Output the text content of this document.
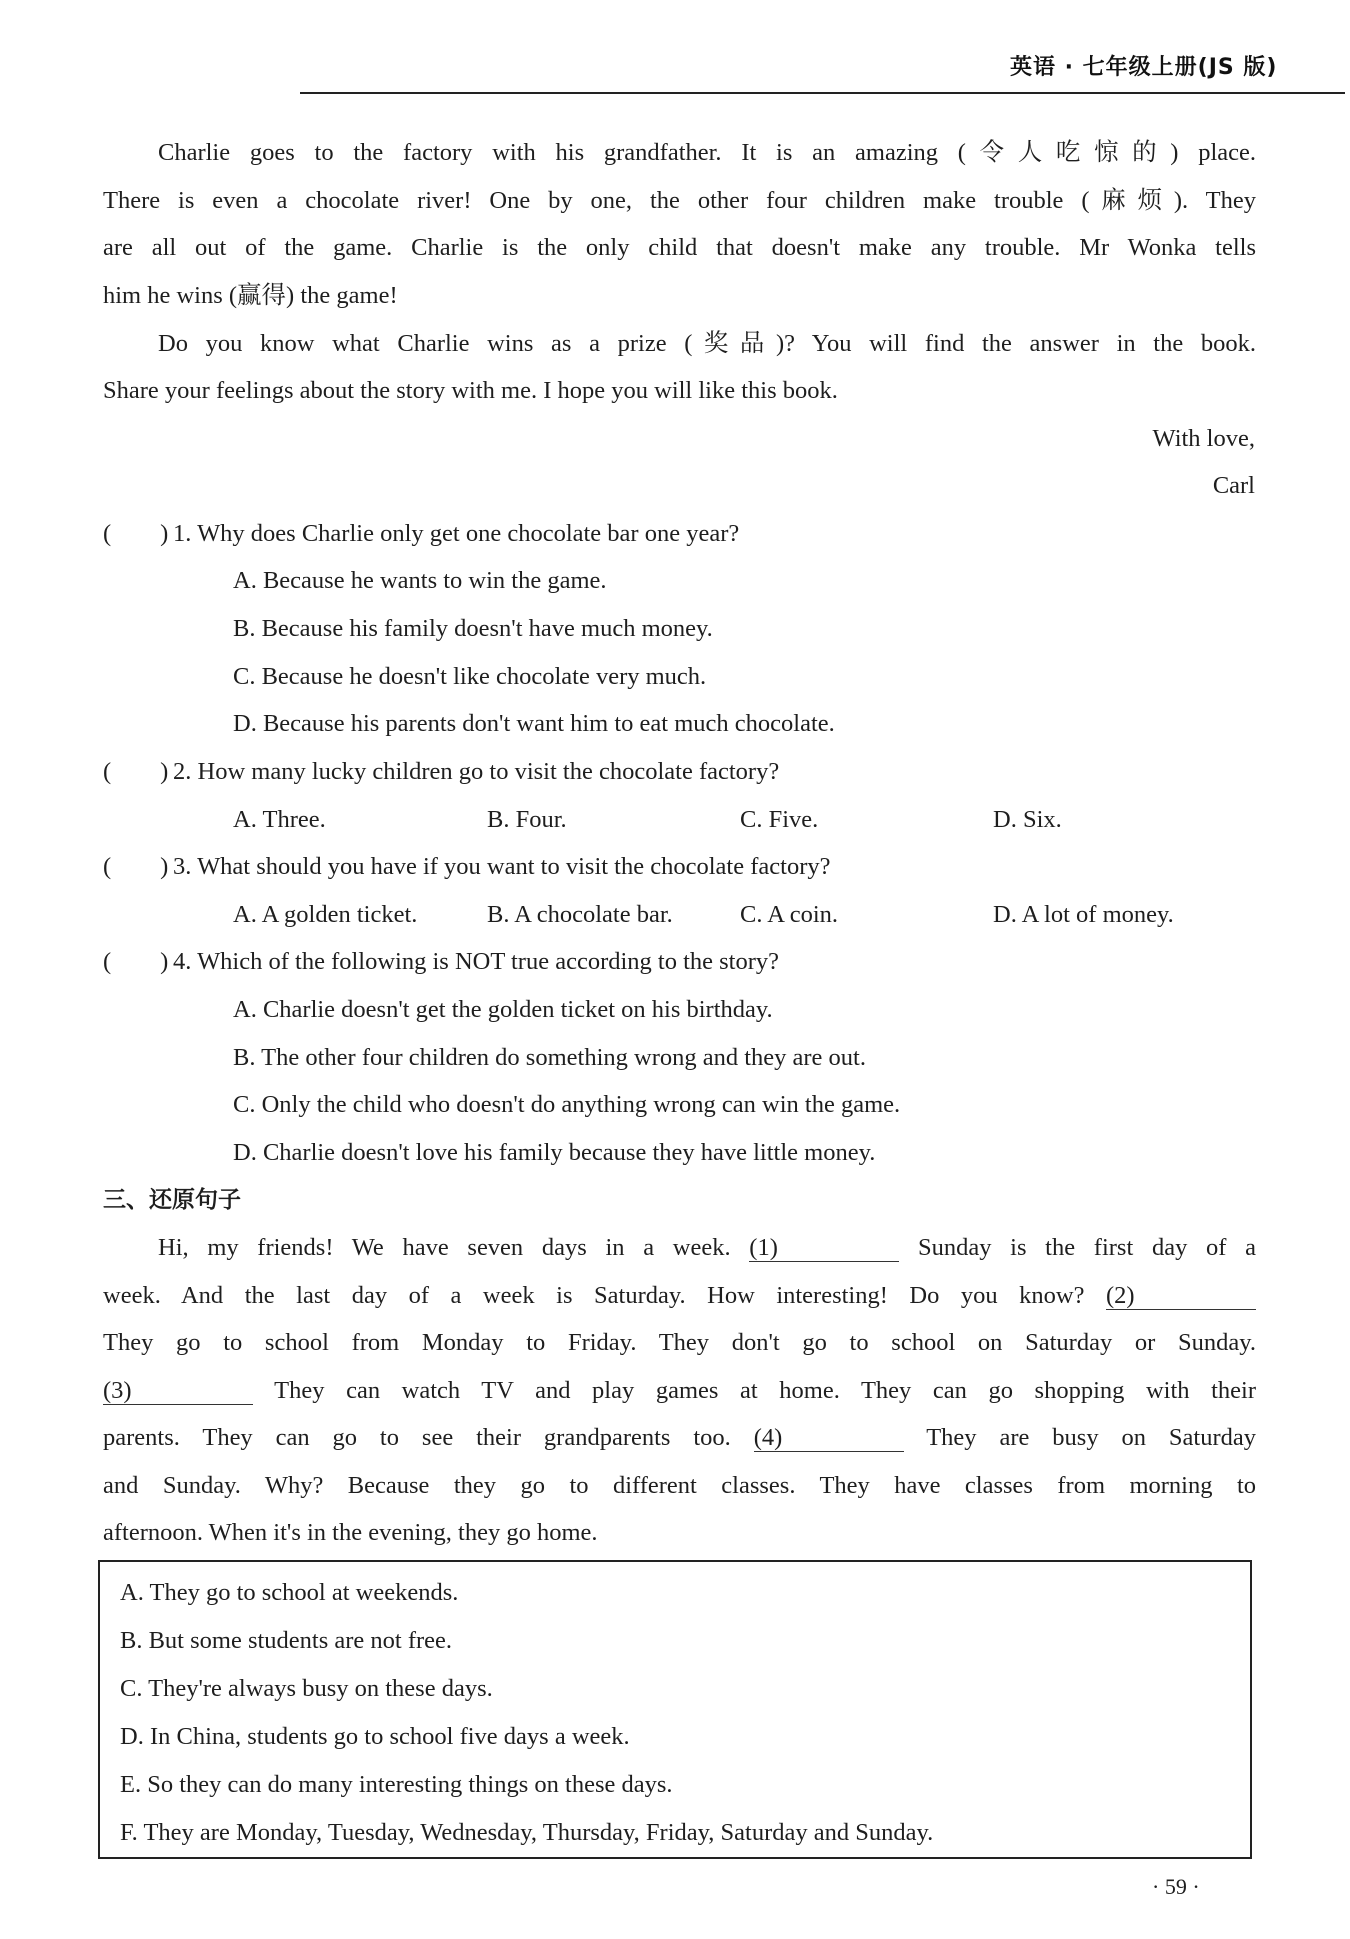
英语 · 七年级上册(JS 版)
Charlie goes to the factory with his grandfather. It is an amazing (令人吃惊的) place.
There is even a chocolate river! One by one, the other four children make trouble (麻烦). They
are all out of the game. Charlie is the only child that doesn't make any trouble. Mr Wonka tells
him he wins (赢得) the game!
Do you know what Charlie wins as a prize (奖品)? You will find the answer in the book.
Share your feelings about the story with me. I hope you will like this book.
With love,
Carl
(　　) 1. Why does Charlie only get one chocolate bar one year?
A. Because he wants to win the game.
B. Because his family doesn't have much money.
C. Because he doesn't like chocolate very much.
D. Because his parents don't want him to eat much chocolate.
(　　) 2. How many lucky children go to visit the chocolate factory?
A. Three.	B. Four.	C. Five.	D. Six.
(　　) 3. What should you have if you want to visit the chocolate factory?
A. A golden ticket.	B. A chocolate bar.	C. A coin.	D. A lot of money.
(　　) 4. Which of the following is NOT true according to the story?
A. Charlie doesn't get the golden ticket on his birthday.
B. The other four children do something wrong and they are out.
C. Only the child who doesn't do anything wrong can win the game.
D. Charlie doesn't love his family because they have little money.
三、还原句子
Hi, my friends! We have seven days in a week. (1)	Sunday is the first day of a
week. And the last day of a week is Saturday. How interesting! Do you know? (2)
They go to school from Monday to Friday. They don't go to school on Saturday or Sunday.
(3)	They can watch TV and play games at home. They can go shopping with their
parents. They can go to see their grandparents too. (4)	They are busy on Saturday
and Sunday. Why? Because they go to different classes. They have classes from morning to
afternoon. When it's in the evening, they go home.
A. They go to school at weekends.
B. But some students are not free.
C. They're always busy on these days.
D. In China, students go to school five days a week.
E. So they can do many interesting things on these days.
F. They are Monday, Tuesday, Wednesday, Thursday, Friday, Saturday and Sunday.
· 59 ·
